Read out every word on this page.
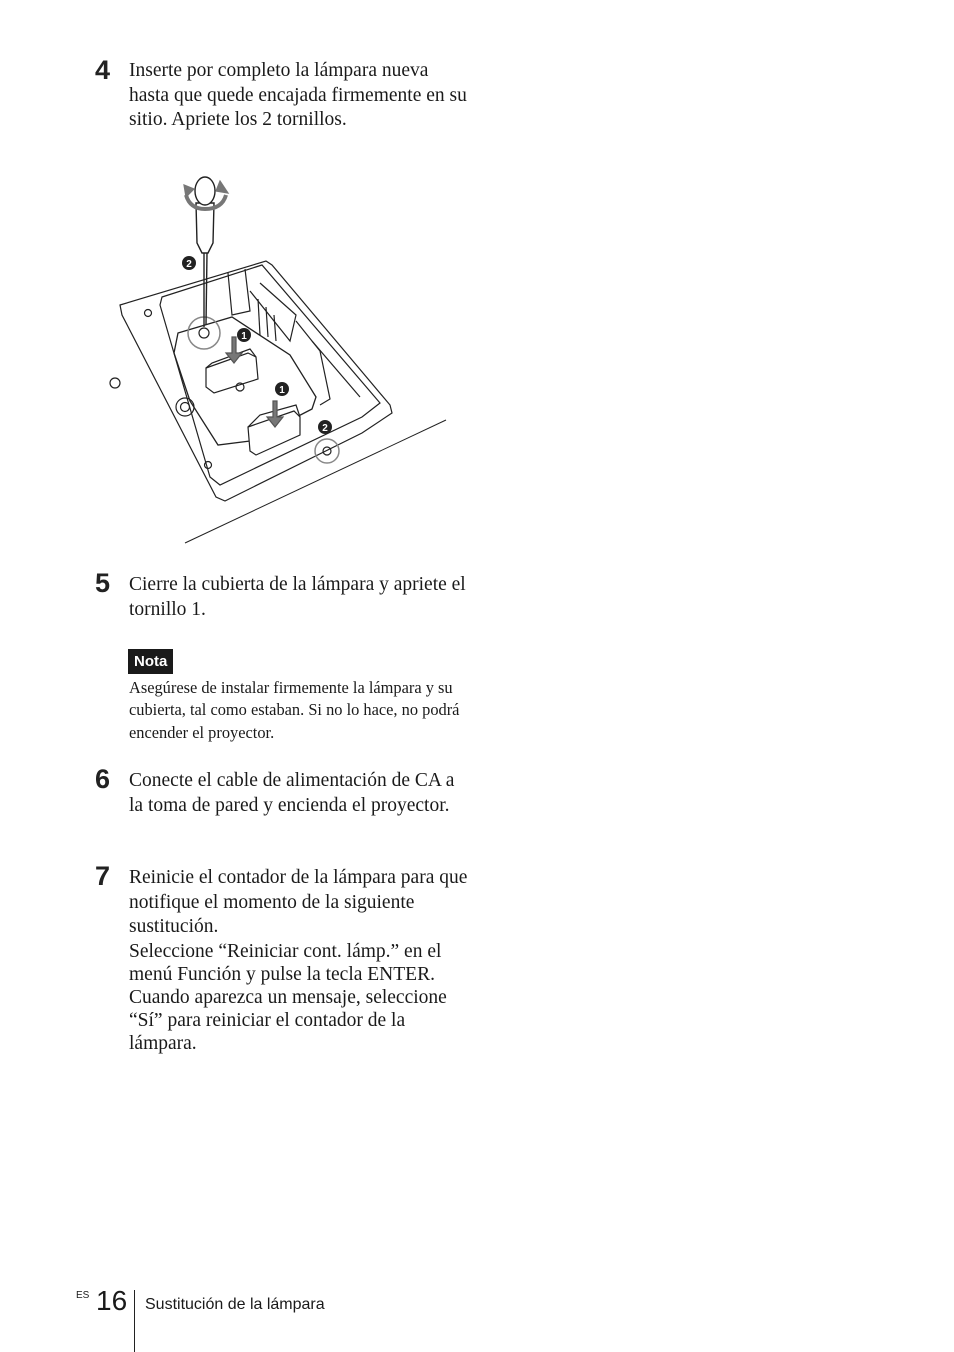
4 Inserte por completo la lámpara nueva hasta que quede encajada firmemente en su sitio. Apriete los 2 tornillos.

2
1
1
2
5 Cierre la cubierta de la lámpara y apriete el tornillo 1.

Nota

Asegúrese de instalar firmemente la lámpara y su cubierta, tal como estaban. Si no lo hace, no podrá encender el proyector.

6 Conecte el cable de alimentación de CA a la toma de pared y encienda el proyector.

7 Reinicie el contador de la lámpara para que notifique el momento de la siguiente sustitución.

Seleccione “Reiniciar cont. lámp.” en el menú Función y pulse la tecla ENTER. Cuando aparezca un mensaje, seleccione “Sí” para reiniciar el contador de la lámpara.

ES 16 Sustitución de la lámpara
